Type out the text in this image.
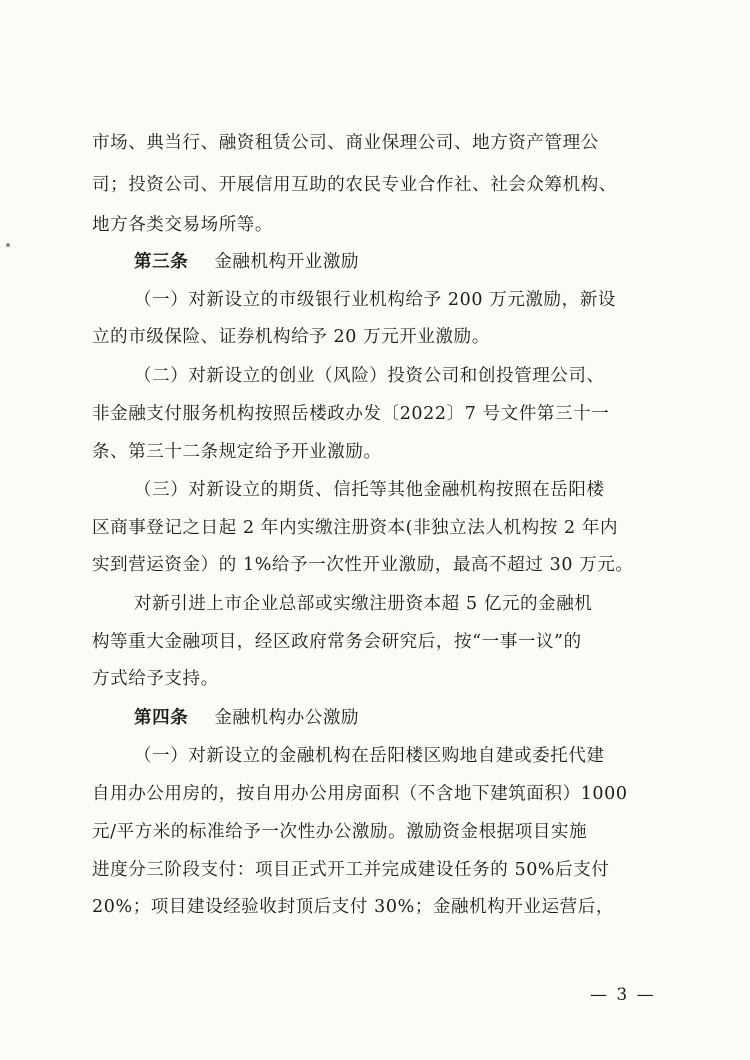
市场、典当行、融资租赁公司、商业保理公司、地方资产管理公
司；投资公司、开展信用互助的农民专业合作社、社会众筹机构、
地方各类交易场所等。
第三条 金融机构开业激励
（一）对新设立的市级银行业机构给予 200 万元激励，新设
立的市级保险、证券机构给予 20 万元开业激励。
（二）对新设立的创业（风险）投资公司和创投管理公司、
非金融支付服务机构按照岳楼政办发〔2022〕7 号文件第三十一
条、第三十二条规定给予开业激励。
（三）对新设立的期货、信托等其他金融机构按照在岳阳楼
区商事登记之日起 2 年内实缴注册资本(非独立法人机构按 2 年内
实到营运资金）的 1%给予一次性开业激励，最高不超过 30 万元。
对新引进上市企业总部或实缴注册资本超 5 亿元的金融机
构等重大金融项目，经区政府常务会研究后，按“一事一议”的
方式给予支持。
第四条 金融机构办公激励
（一）对新设立的金融机构在岳阳楼区购地自建或委托代建
自用办公用房的，按自用办公用房面积（不含地下建筑面积）1000
元/平方米的标准给予一次性办公激励。激励资金根据项目实施
进度分三阶段支付：项目正式开工并完成建设任务的 50%后支付
20%；项目建设经验收封顶后支付 30%；金融机构开业运营后，
— 3 —
